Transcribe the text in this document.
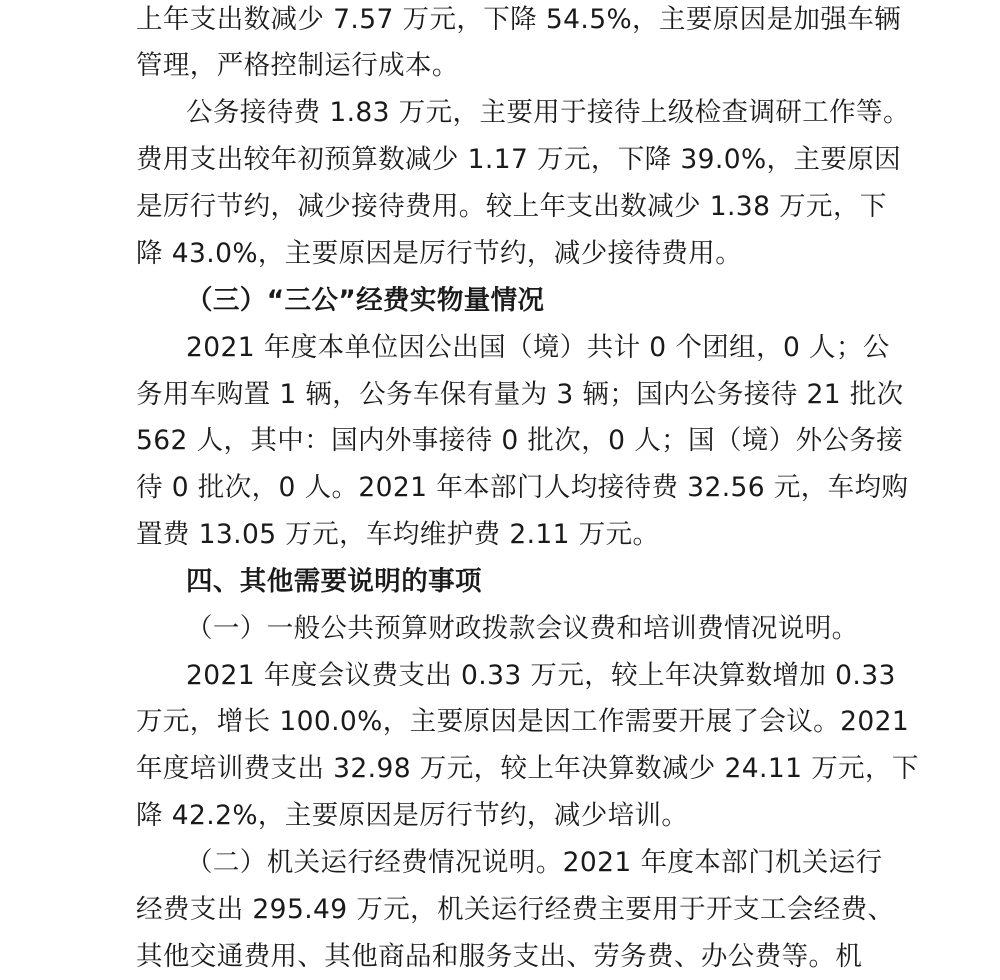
上年支出数减少 7.57 万元，下降 54.5%，主要原因是加强车辆
管理，严格控制运行成本。
公务接待费 1.83 万元，主要用于接待上级检查调研工作等。
费用支出较年初预算数减少 1.17 万元，下降 39.0%，主要原因
是厉行节约，减少接待费用。较上年支出数减少 1.38 万元，下
降 43.0%，主要原因是厉行节约，减少接待费用。
（三）“三公”经费实物量情况
2021 年度本单位因公出国（境）共计 0 个团组，0 人；公
务用车购置 1 辆，公务车保有量为 3 辆；国内公务接待 21 批次
562 人，其中：国内外事接待 0 批次，0 人；国（境）外公务接
待 0 批次，0 人。2021 年本部门人均接待费 32.56 元，车均购
置费 13.05 万元，车均维护费 2.11 万元。
四、其他需要说明的事项
（一）一般公共预算财政拨款会议费和培训费情况说明。
2021 年度会议费支出 0.33 万元，较上年决算数增加 0.33
万元，增长 100.0%，主要原因是因工作需要开展了会议。2021
年度培训费支出 32.98 万元，较上年决算数减少 24.11 万元，下
降 42.2%，主要原因是厉行节约，减少培训。
（二）机关运行经费情况说明。2021 年度本部门机关运行
经费支出 295.49 万元，机关运行经费主要用于开支工会经费、
其他交通费用、其他商品和服务支出、劳务费、办公费等。机
